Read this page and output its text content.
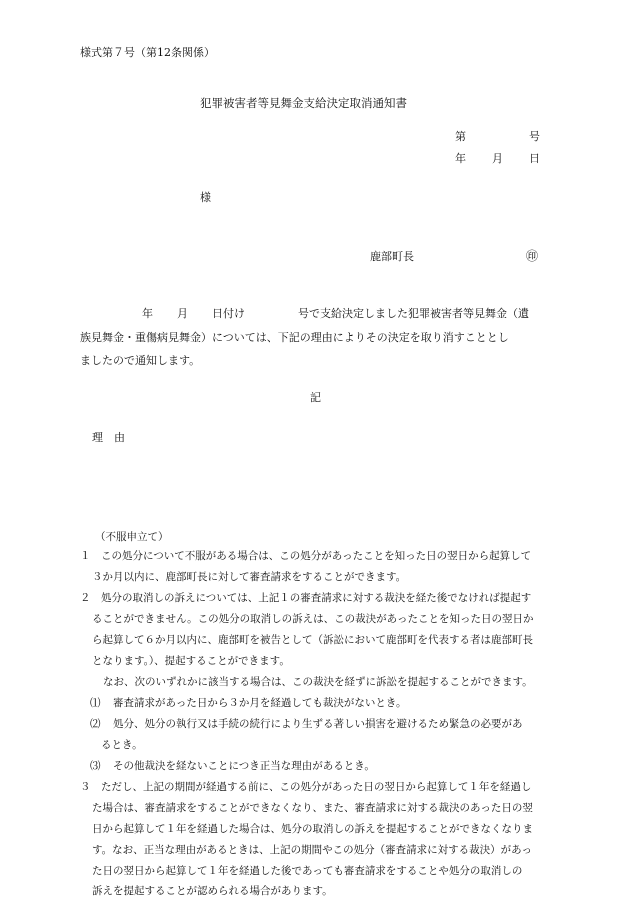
様式第７号（第12条関係）
犯罪被害者等見舞金支給決定取消通知書
第	号
年 月 日
様
鹿部町長	㊞
年 月 日付け	号で支給決定しました犯罪被害者等見舞金（遺
族見舞金・重傷病見舞金）については、下記の理由によりその決定を取り消すこととし
ましたので通知します。
記
理　由
（不服申立て）
１ この処分について不服がある場合は、この処分があったことを知った日の翌日から起算して
３か月以内に、鹿部町長に対して審査請求をすることができます。
２ 処分の取消しの訴えについては、上記１の審査請求に対する裁決を経た後でなければ提起す
ることができません。この処分の取消しの訴えは、この裁決があったことを知った日の翌日か
ら起算して６か月以内に、鹿部町を被告として（訴訟において鹿部町を代表する者は鹿部町長
となります。）、提起することができます。
なお、次のいずれかに該当する場合は、この裁決を経ずに訴訟を提起することができます。
⑴ 審査請求があった日から３か月を経過しても裁決がないとき。
⑵ 処分、処分の執行又は手続の続行により生ずる著しい損害を避けるため緊急の必要があ
るとき。
⑶ その他裁決を経ないことにつき正当な理由があるとき。
３ ただし、上記の期間が経過する前に、この処分があった日の翌日から起算して１年を経過し
た場合は、審査請求をすることができなくなり、また、審査請求に対する裁決のあった日の翌
日から起算して１年を経過した場合は、処分の取消しの訴えを提起することができなくなりま
す。なお、正当な理由があるときは、上記の期間やこの処分（審査請求に対する裁決）があっ
た日の翌日から起算して１年を経過した後であっても審査請求をすることや処分の取消しの
訴えを提起することが認められる場合があります。
